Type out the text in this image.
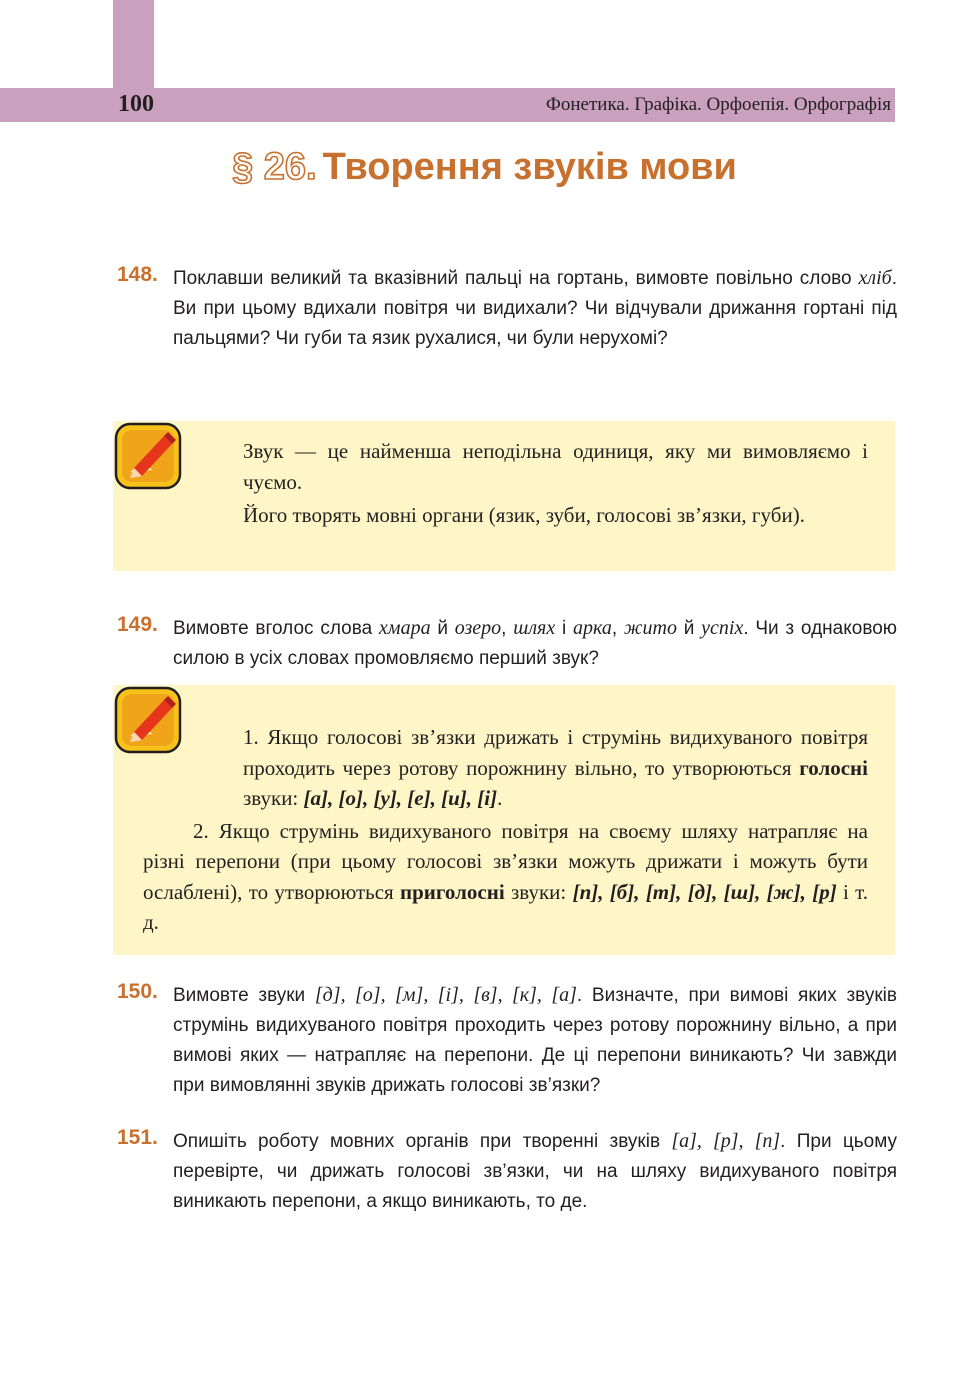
100	Фонетика. Графіка. Орфоепія. Орфографія
§ 26. Творення звуків мови
148. Поклавши великий та вказівний пальці на гортань, вимовте повільно слово хліб. Ви при цьому вдихали повітря чи видихали? Чи відчували дрижання гортані під пальцями? Чи губи та язик рухалися, чи були нерухомі?
Звук — це найменша неподільна одиниця, яку ми вимовляємо і чуємо.
Його творять мовні органи (язик, зуби, голосові зв’язки, губи).
149. Вимовте вголос слова хмара й озеро, шлях і арка, жито й успіх. Чи з однаковою силою в усіх словах промовляємо перший звук?
1. Якщо голосові зв’язки дрижать і струмінь видихуваного повітря проходить через ротову порожнину вільно, то утворюються голосні звуки: [а], [о], [у], [е], [и], [і].
2. Якщо струмінь видихуваного повітря на своєму шляху натрапляє на різні перепони (при цьому голосові зв’язки можуть дрижати і можуть бути ослаблені), то утворюються приголосні звуки: [п], [б], [т], [д], [ш], [ж], [р] і т. д.
150. Вимовте звуки [д], [о], [м], [і], [в], [к], [а]. Визначте, при вимові яких звуків струмінь видихуваного повітря проходить через ротову порожнину вільно, а при вимові яких — натрапляє на перепони. Де ці перепони виникають? Чи завжди при вимовлянні звуків дрижать голосові зв’язки?
151. Опишіть роботу мовних органів при творенні звуків [а], [р], [п]. При цьому перевірте, чи дрижать голосові зв’язки, чи на шляху видихуваного повітря виникають перепони, а якщо виникають, то де.
